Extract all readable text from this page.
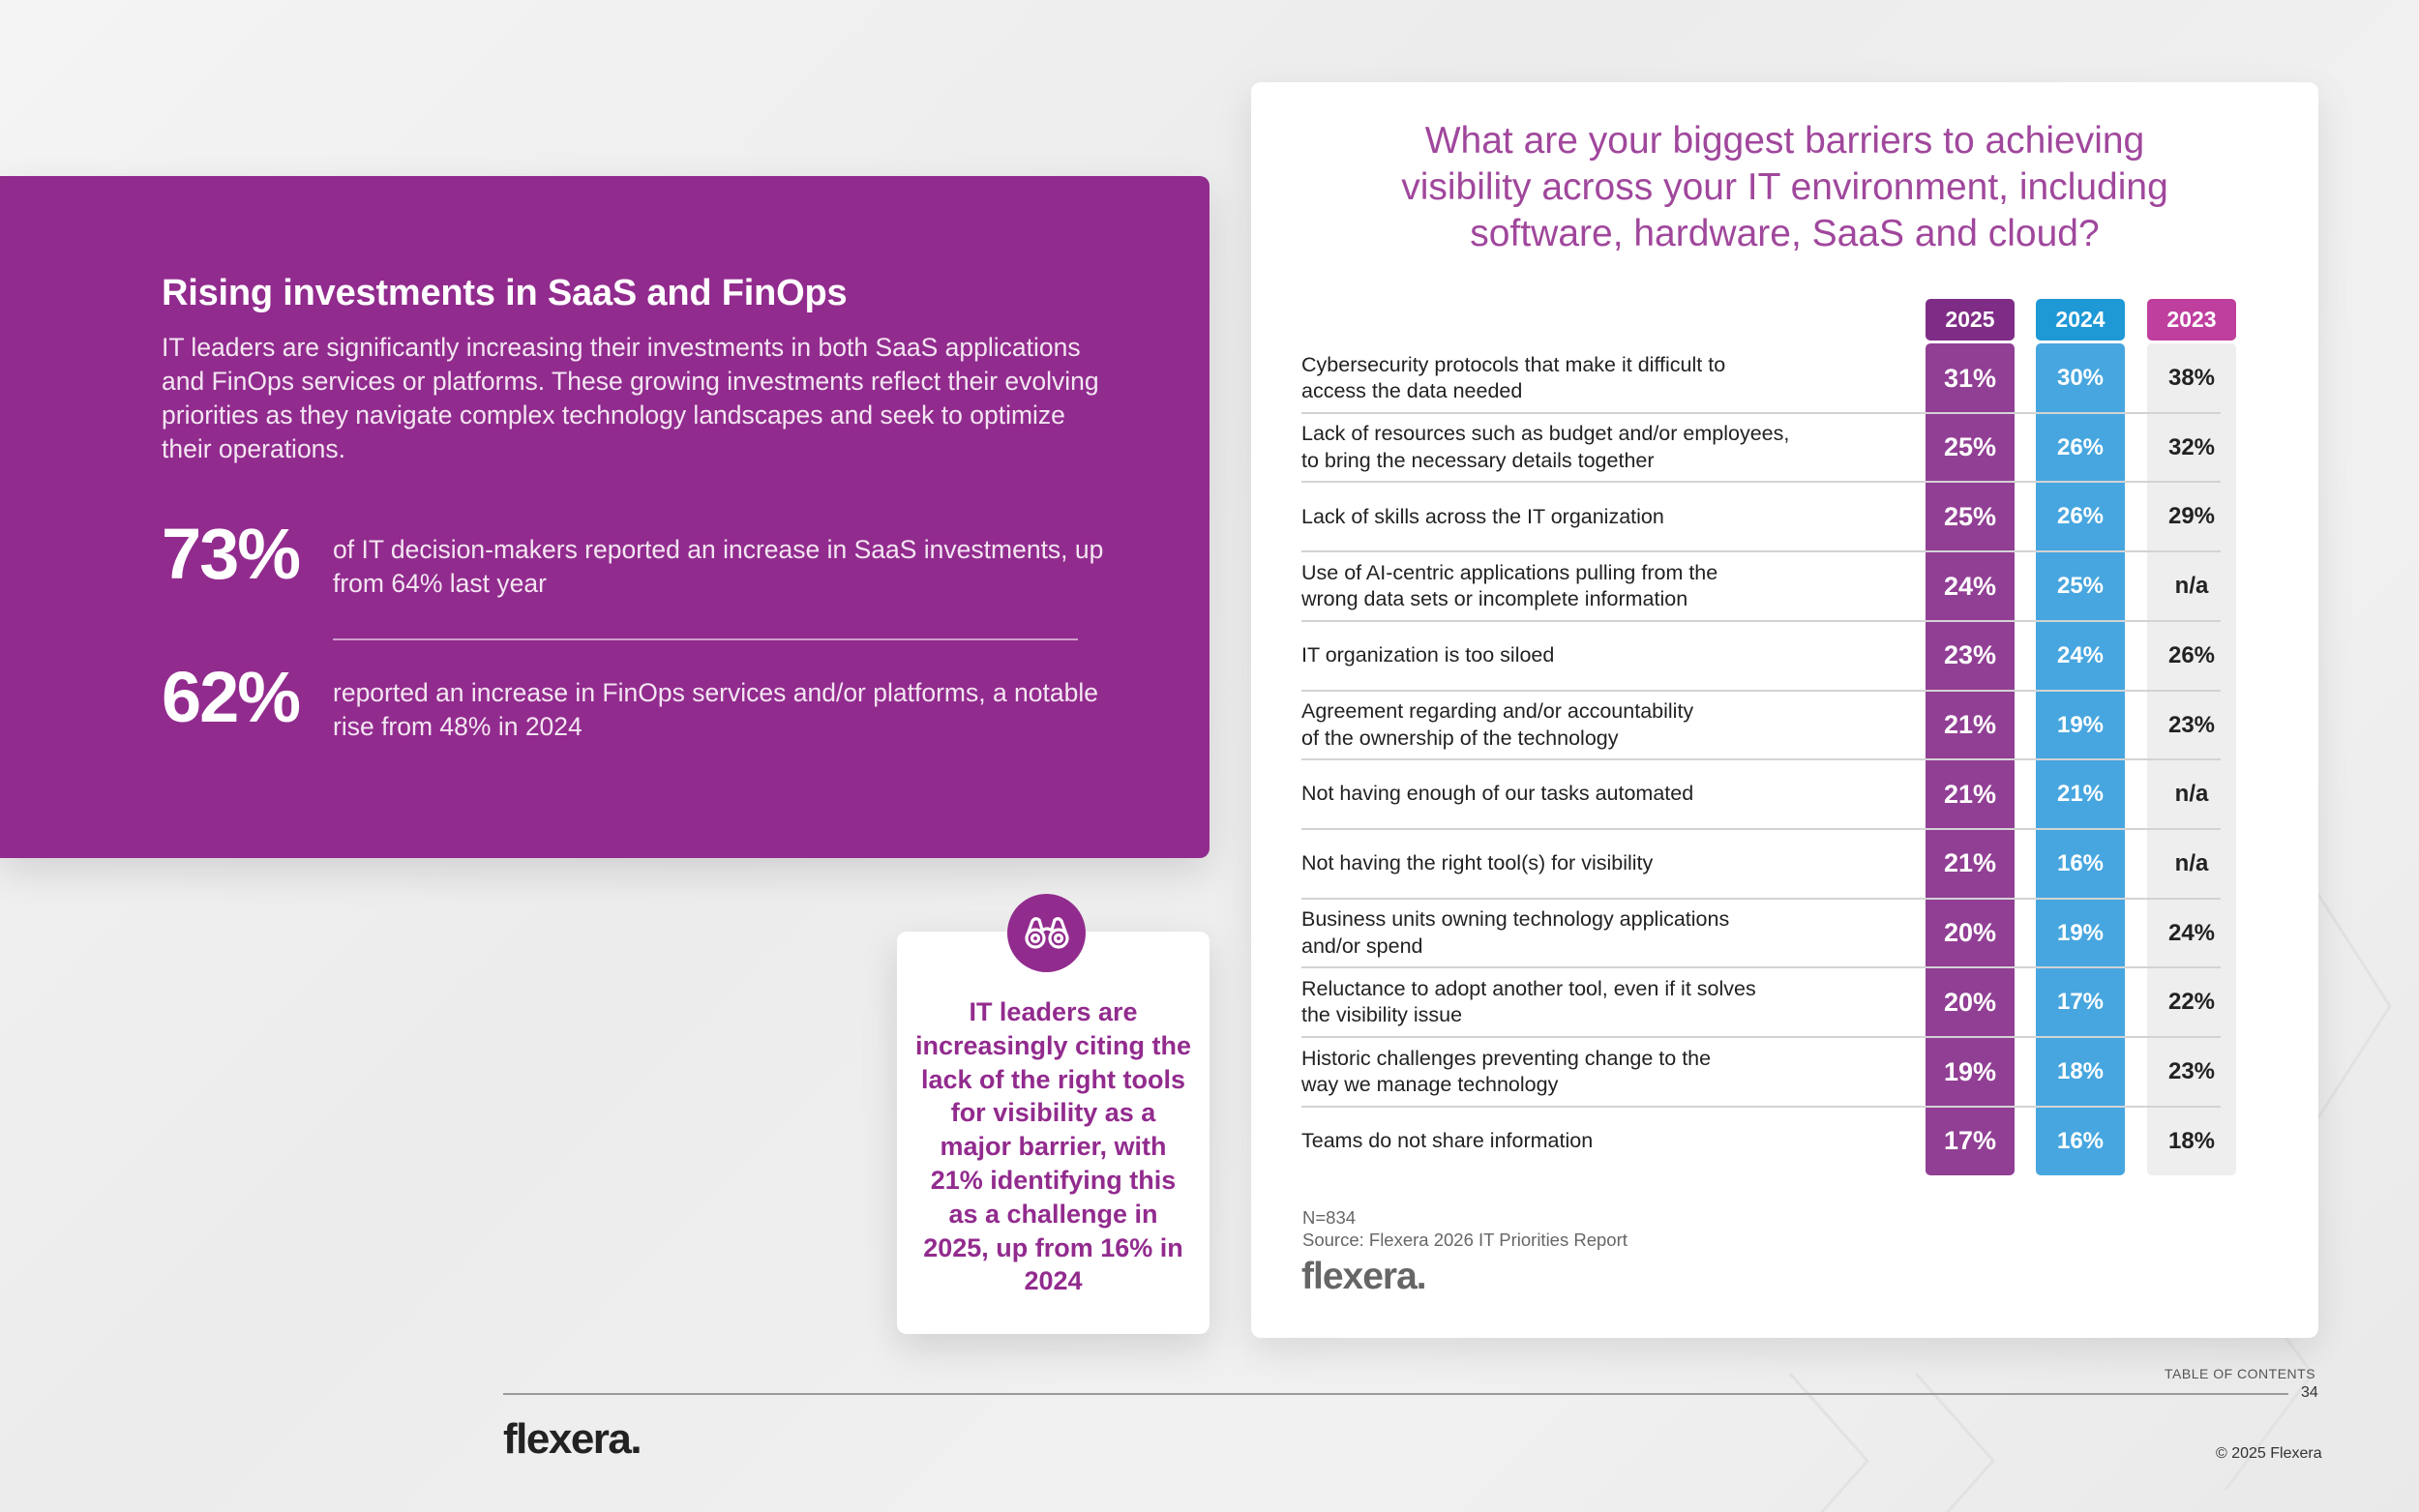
Rising investments in SaaS and FinOps
IT leaders are significantly increasing their investments in both SaaS applications and FinOps services or platforms. These growing investments reflect their evolving priorities as they navigate complex technology landscapes and seek to optimize their operations.
73% of IT decision-makers reported an increase in SaaS investments, up from 64% last year
62% reported an increase in FinOps services and/or platforms, a notable rise from 48% in 2024
IT leaders are increasingly citing the lack of the right tools for visibility as a major barrier, with 21% identifying this as a challenge in 2025, up from 16% in 2024
What are your biggest barriers to achieving
visibility across your IT environment, including
software, hardware, SaaS and cloud?
2025	2024	2023
Cybersecurity protocols that make it difficult to
access the data needed	31%	30%	38%
Lack of resources such as budget and/or employees,
to bring the necessary details together	25%	26%	32%
Lack of skills across the IT organization	25%	26%	29%
Use of AI-centric applications pulling from the
wrong data sets or incomplete information	24%	25%	n/a
IT organization is too siloed	23%	24%	26%
Agreement regarding and/or accountability
of the ownership of the technology	21%	19%	23%
Not having enough of our tasks automated	21%	21%	n/a
Not having the right tool(s) for visibility	21%	16%	n/a
Business units owning technology applications
and/or spend	20%	19%	24%
Reluctance to adopt another tool, even if it solves
the visibility issue	20%	17%	22%
Historic challenges preventing change to the
way we manage technology	19%	18%	23%
Teams do not share information	17%	16%	18%
N=834
Source: Flexera 2026 IT Priorities Report
flexera.
TABLE OF CONTENTS
34
flexera.	© 2025 Flexera
